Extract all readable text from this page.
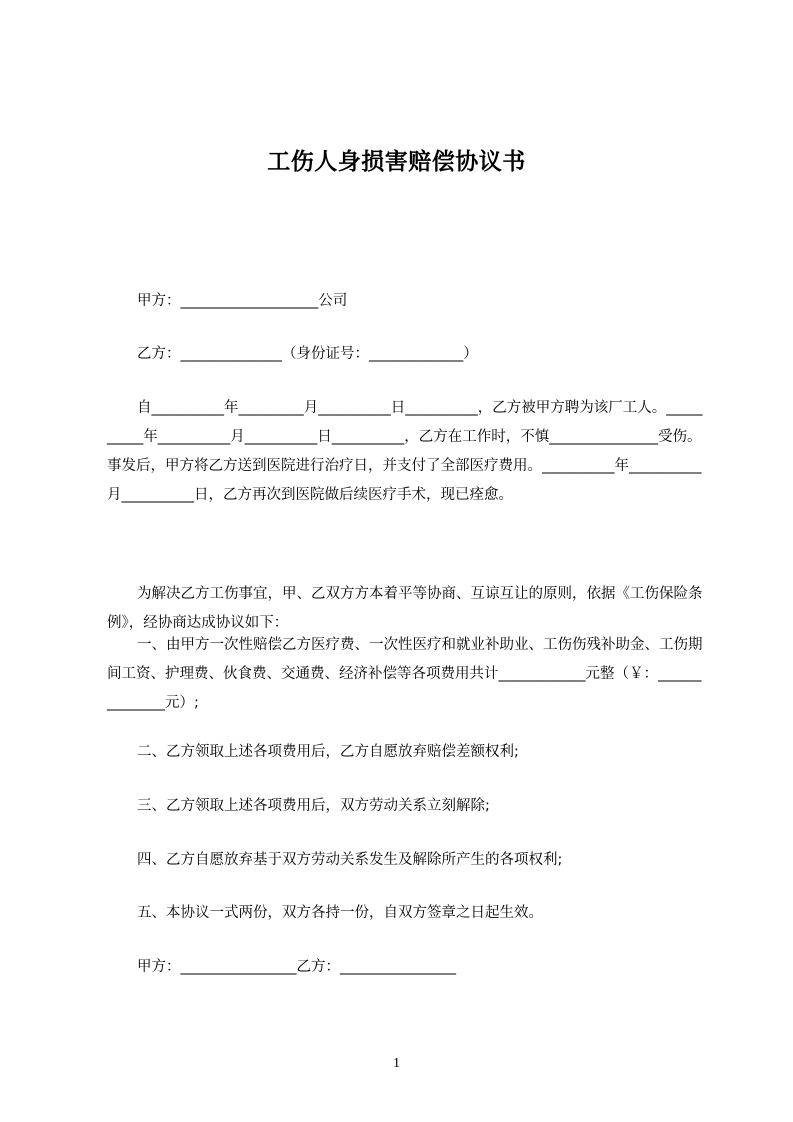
工伤人身损害赔偿协议书
甲方：___________________公司
乙方：______________（身份证号：_____________）
自__________年_________月__________日__________，乙方被甲方聘为该厂工人。__________年__________月__________日__________，乙方在工作时，不慎_______________受伤。事发后，甲方将乙方送到医院进行治疗日，并支付了全部医疗费用。__________年__________月__________日，乙方再次到医院做后续医疗手术，现已痊愈。
为解决乙方工伤事宜，甲、乙双方方本着平等协商、互谅互让的原则，依据《工伤保险条例》，经协商达成协议如下：
一、由甲方一次性赔偿乙方医疗费、一次性医疗和就业补助业、工伤伤残补助金、工伤期间工资、护理费、伙食费、交通费、经济补偿等各项费用共计____________元整（￥：______________元）;
二、乙方领取上述各项费用后，乙方自愿放弃赔偿差额权利;
三、乙方领取上述各项费用后，双方劳动关系立刻解除;
四、乙方自愿放弃基于双方劳动关系发生及解除所产生的各项权利;
五、本协议一式两份，双方各持一份，自双方签章之日起生效。
甲方：________________乙方：________________
1
